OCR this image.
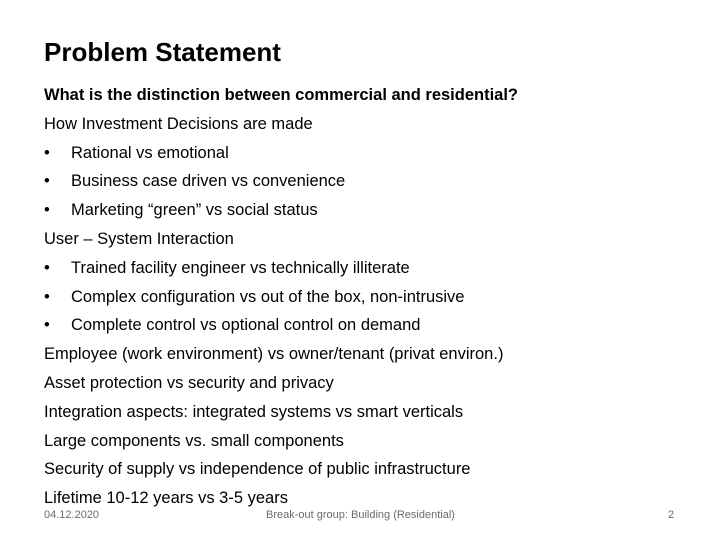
Problem Statement
What is the distinction between commercial and residential?
How Investment Decisions are made
• Rational vs emotional
• Business case driven vs convenience
• Marketing “green” vs social status
User – System Interaction
• Trained facility engineer vs technically illiterate
• Complex configuration vs out of the box, non-intrusive
• Complete control vs optional control on demand
Employee (work environment) vs owner/tenant (privat environ.)
Asset protection vs security and privacy
Integration aspects: integrated systems vs smart verticals
Large components vs. small components
Security of supply vs independence of public infrastructure
Lifetime 10-12 years vs 3-5 years
04.12.2020	Break-out group: Building (Residential)	2
